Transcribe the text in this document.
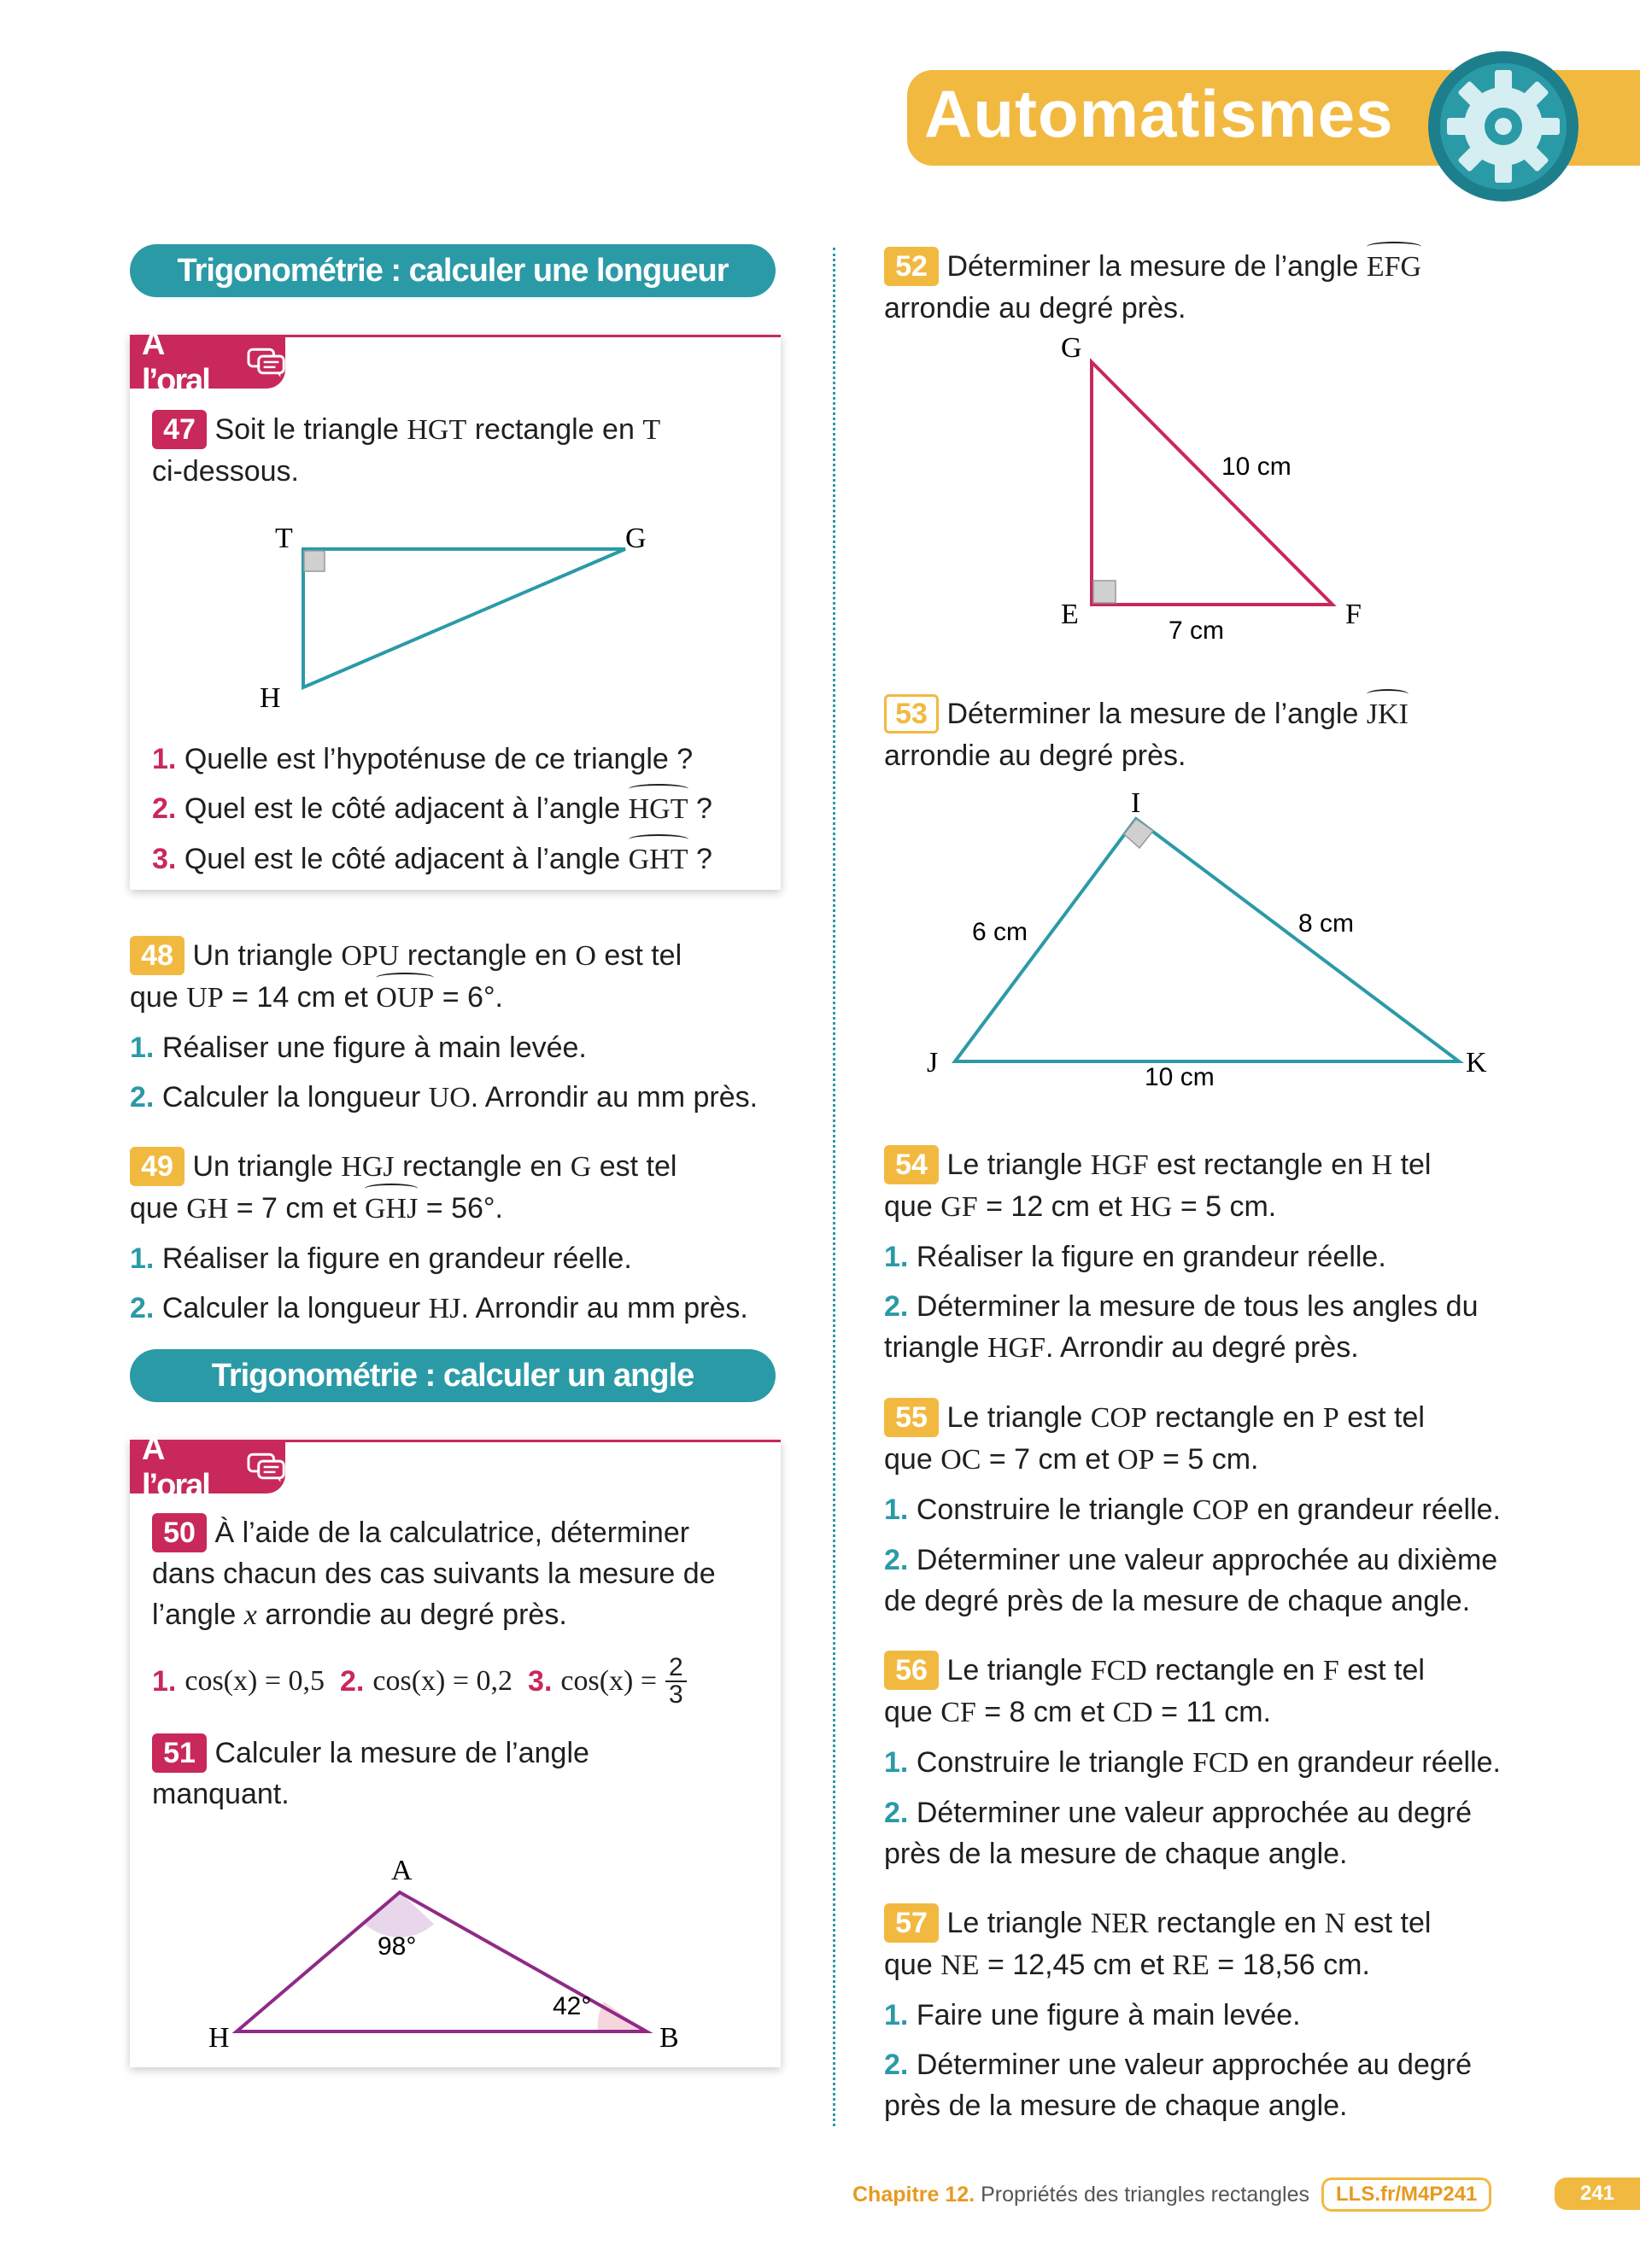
Automatismes
Trigonométrie : calculer une longueur
À l’oral
47 Soit le triangle HGT rectangle en T
ci-dessous.
T	G
H
1. Quelle est l’hypoténuse de ce triangle ?
2. Quel est le côté adjacent à l’angle HGT ?
3. Quel est le côté adjacent à l’angle GHT ?
48 Un triangle OPU rectangle en O est tel
que UP = 14 cm et OUP = 6°.
1. Réaliser une figure à main levée.
2. Calculer la longueur UO. Arrondir au mm près.
49 Un triangle HGJ rectangle en G est tel
que GH = 7 cm et GHJ = 56°.
1. Réaliser la figure en grandeur réelle.
2. Calculer la longueur HJ. Arrondir au mm près.
Trigonométrie : calculer un angle
À l’oral
50 À l’aide de la calculatrice, déterminer
dans chacun des cas suivants la mesure de
l’angle x arrondie au degré près.
1. cos(x) = 0,5 2. cos(x) = 0,2 3. $\cos(x) = \frac{2}{3}$
51 Calculer la mesure de l’angle
manquant.
A
H	B
98°
42°
52 Déterminer la mesure de l’angle EFG
arrondie au degré près.
G
E	F
10 cm
7 cm
53 Déterminer la mesure de l’angle JKI
arrondie au degré près.
I
J	K
6 cm	8 cm
10 cm
54 Le triangle HGF est rectangle en H tel
que GF = 12 cm et HG = 5 cm.
1. Réaliser la figure en grandeur réelle.
2. Déterminer la mesure de tous les angles du
triangle HGF. Arrondir au degré près.
55 Le triangle COP rectangle en P est tel
que OC = 7 cm et OP = 5 cm.
1. Construire le triangle COP en grandeur réelle.
2. Déterminer une valeur approchée au dixième
de degré près de la mesure de chaque angle.
56 Le triangle FCD rectangle en F est tel
que CF = 8 cm et CD = 11 cm.
1. Construire le triangle FCD en grandeur réelle.
2. Déterminer une valeur approchée au degré
près de la mesure de chaque angle.
57 Le triangle NER rectangle en N est tel
que NE = 12,45 cm et RE = 18,56 cm.
1. Faire une figure à main levée.
2. Déterminer une valeur approchée au degré
près de la mesure de chaque angle.
Chapitre 12. Propriétés des triangles rectangles	LLS.fr/M4P241	241
